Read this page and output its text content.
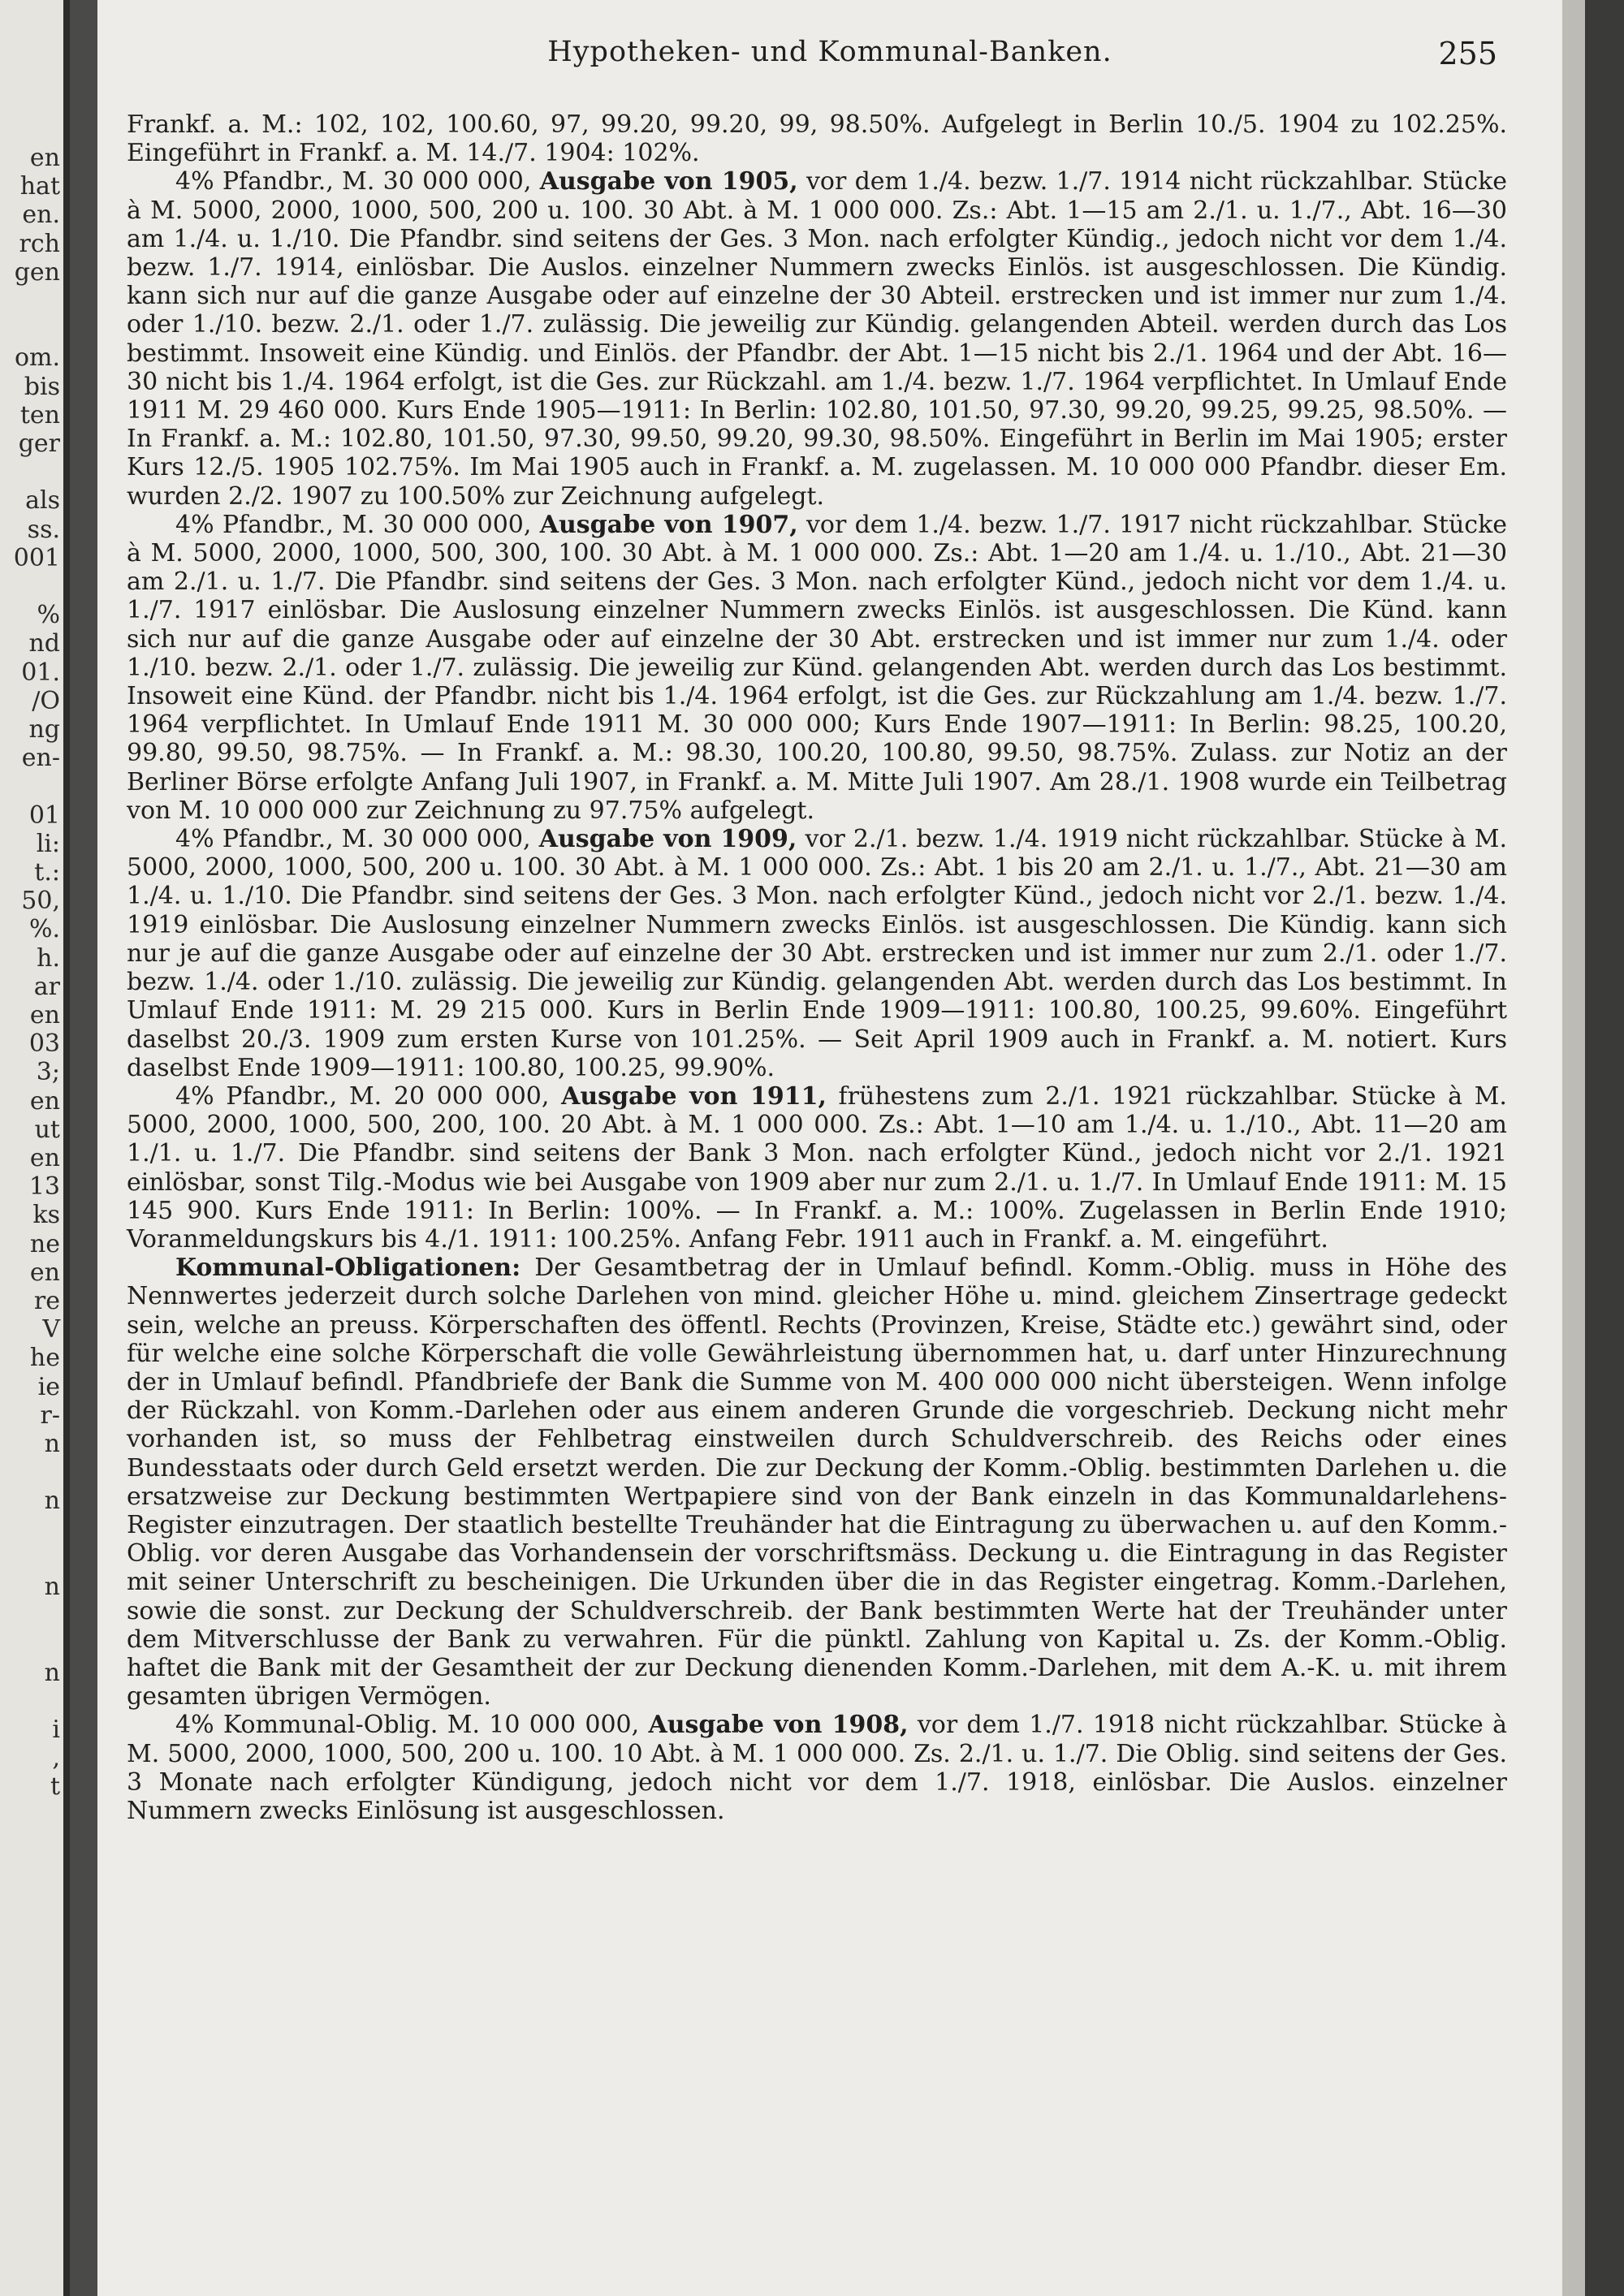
en
hat
en.
rch
gen
om.
bis
ten
ger
als
ss.
001
%
nd
01.
/O
ng
en-
01
li:
t.:
50,
%.
h.
ar
en
03
3;
en
ut
en
13
ks
ne
en
re
V
he
ie
r-
n
n
n
n
i
,
t
Hypotheken- und Kommunal-Banken.	255

Frankf. a. M.: 102, 102, 100.60, 97, 99.20, 99.20, 99, 98.50%. Aufgelegt in Berlin 10./5. 1904 zu 102.25%. Eingeführt in Frankf. a. M. 14./7. 1904: 102%.

4% Pfandbr., M. 30 000 000, Ausgabe von 1905, vor dem 1./4. bezw. 1./7. 1914 nicht rückzahlbar. Stücke à M. 5000, 2000, 1000, 500, 200 u. 100. 30 Abt. à M. 1 000 000. Zs.: Abt. 1—15 am 2./1. u. 1./7., Abt. 16—30 am 1./4. u. 1./10. Die Pfandbr. sind seitens der Ges. 3 Mon. nach erfolgter Kündig., jedoch nicht vor dem 1./4. bezw. 1./7. 1914, einlösbar. Die Auslos. einzelner Nummern zwecks Einlös. ist ausgeschlossen. Die Kündig. kann sich nur auf die ganze Ausgabe oder auf einzelne der 30 Abteil. erstrecken und ist immer nur zum 1./4. oder 1./10. bezw. 2./1. oder 1./7. zulässig. Die jeweilig zur Kündig. gelangenden Abteil. werden durch das Los bestimmt. Insoweit eine Kündig. und Einlös. der Pfandbr. der Abt. 1—15 nicht bis 2./1. 1964 und der Abt. 16—30 nicht bis 1./4. 1964 erfolgt, ist die Ges. zur Rückzahl. am 1./4. bezw. 1./7. 1964 verpflichtet. In Umlauf Ende 1911 M. 29 460 000. Kurs Ende 1905—1911: In Berlin: 102.80, 101.50, 97.30, 99.20, 99.25, 99.25, 98.50%. — In Frankf. a. M.: 102.80, 101.50, 97.30, 99.50, 99.20, 99.30, 98.50%. Eingeführt in Berlin im Mai 1905; erster Kurs 12./5. 1905 102.75%. Im Mai 1905 auch in Frankf. a. M. zugelassen. M. 10 000 000 Pfandbr. dieser Em. wurden 2./2. 1907 zu 100.50% zur Zeichnung aufgelegt.

4% Pfandbr., M. 30 000 000, Ausgabe von 1907, vor dem 1./4. bezw. 1./7. 1917 nicht rückzahlbar. Stücke à M. 5000, 2000, 1000, 500, 300, 100. 30 Abt. à M. 1 000 000. Zs.: Abt. 1—20 am 1./4. u. 1./10., Abt. 21—30 am 2./1. u. 1./7. Die Pfandbr. sind seitens der Ges. 3 Mon. nach erfolgter Künd., jedoch nicht vor dem 1./4. u. 1./7. 1917 einlösbar. Die Auslosung einzelner Nummern zwecks Einlös. ist ausgeschlossen. Die Künd. kann sich nur auf die ganze Ausgabe oder auf einzelne der 30 Abt. erstrecken und ist immer nur zum 1./4. oder 1./10. bezw. 2./1. oder 1./7. zulässig. Die jeweilig zur Künd. gelangenden Abt. werden durch das Los bestimmt. Insoweit eine Künd. der Pfandbr. nicht bis 1./4. 1964 erfolgt, ist die Ges. zur Rückzahlung am 1./4. bezw. 1./7. 1964 verpflichtet. In Umlauf Ende 1911 M. 30 000 000; Kurs Ende 1907—1911: In Berlin: 98.25, 100.20, 99.80, 99.50, 98.75%. — In Frankf. a. M.: 98.30, 100.20, 100.80, 99.50, 98.75%. Zulass. zur Notiz an der Berliner Börse erfolgte Anfang Juli 1907, in Frankf. a. M. Mitte Juli 1907. Am 28./1. 1908 wurde ein Teilbetrag von M. 10 000 000 zur Zeichnung zu 97.75% aufgelegt.

4% Pfandbr., M. 30 000 000, Ausgabe von 1909, vor 2./1. bezw. 1./4. 1919 nicht rückzahlbar. Stücke à M. 5000, 2000, 1000, 500, 200 u. 100. 30 Abt. à M. 1 000 000. Zs.: Abt. 1 bis 20 am 2./1. u. 1./7., Abt. 21—30 am 1./4. u. 1./10. Die Pfandbr. sind seitens der Ges. 3 Mon. nach erfolgter Künd., jedoch nicht vor 2./1. bezw. 1./4. 1919 einlösbar. Die Auslosung einzelner Nummern zwecks Einlös. ist ausgeschlossen. Die Kündig. kann sich nur je auf die ganze Ausgabe oder auf einzelne der 30 Abt. erstrecken und ist immer nur zum 2./1. oder 1./7. bezw. 1./4. oder 1./10. zulässig. Die jeweilig zur Kündig. gelangenden Abt. werden durch das Los bestimmt. In Umlauf Ende 1911: M. 29 215 000. Kurs in Berlin Ende 1909—1911: 100.80, 100.25, 99.60%. Eingeführt daselbst 20./3. 1909 zum ersten Kurse von 101.25%. — Seit April 1909 auch in Frankf. a. M. notiert. Kurs daselbst Ende 1909—1911: 100.80, 100.25, 99.90%.

4% Pfandbr., M. 20 000 000, Ausgabe von 1911, frühestens zum 2./1. 1921 rückzahlbar. Stücke à M. 5000, 2000, 1000, 500, 200, 100. 20 Abt. à M. 1 000 000. Zs.: Abt. 1—10 am 1./4. u. 1./10., Abt. 11—20 am 1./1. u. 1./7. Die Pfandbr. sind seitens der Bank 3 Mon. nach erfolgter Künd., jedoch nicht vor 2./1. 1921 einlösbar, sonst Tilg.-Modus wie bei Ausgabe von 1909 aber nur zum 2./1. u. 1./7. In Umlauf Ende 1911: M. 15 145 900. Kurs Ende 1911: In Berlin: 100%. — In Frankf. a. M.: 100%. Zugelassen in Berlin Ende 1910; Voranmeldungskurs bis 4./1. 1911: 100.25%. Anfang Febr. 1911 auch in Frankf. a. M. eingeführt.

Kommunal-Obligationen: Der Gesamtbetrag der in Umlauf befindl. Komm.-Oblig. muss in Höhe des Nennwertes jederzeit durch solche Darlehen von mind. gleicher Höhe u. mind. gleichem Zinsertrage gedeckt sein, welche an preuss. Körperschaften des öffentl. Rechts (Provinzen, Kreise, Städte etc.) gewährt sind, oder für welche eine solche Körperschaft die volle Gewährleistung übernommen hat, u. darf unter Hinzurechnung der in Umlauf befindl. Pfandbriefe der Bank die Summe von M. 400 000 000 nicht übersteigen. Wenn infolge der Rückzahl. von Komm.-Darlehen oder aus einem anderen Grunde die vorgeschrieb. Deckung nicht mehr vorhanden ist, so muss der Fehlbetrag einstweilen durch Schuldverschreib. des Reichs oder eines Bundesstaats oder durch Geld ersetzt werden. Die zur Deckung der Komm.-Oblig. bestimmten Darlehen u. die ersatzweise zur Deckung bestimmten Wertpapiere sind von der Bank einzeln in das Kommunaldarlehens-Register einzutragen. Der staatlich bestellte Treuhänder hat die Eintragung zu überwachen u. auf den Komm.-Oblig. vor deren Ausgabe das Vorhandensein der vorschriftsmäss. Deckung u. die Eintragung in das Register mit seiner Unterschrift zu bescheinigen. Die Urkunden über die in das Register eingetrag. Komm.-Darlehen, sowie die sonst. zur Deckung der Schuldverschreib. der Bank bestimmten Werte hat der Treuhänder unter dem Mitverschlusse der Bank zu verwahren. Für die pünktl. Zahlung von Kapital u. Zs. der Komm.-Oblig. haftet die Bank mit der Gesamtheit der zur Deckung dienenden Komm.-Darlehen, mit dem A.-K. u. mit ihrem gesamten übrigen Vermögen.

4% Kommunal-Oblig. M. 10 000 000, Ausgabe von 1908, vor dem 1./7. 1918 nicht rückzahlbar. Stücke à M. 5000, 2000, 1000, 500, 200 u. 100. 10 Abt. à M. 1 000 000. Zs. 2./1. u. 1./7. Die Oblig. sind seitens der Ges. 3 Monate nach erfolgter Kündigung, jedoch nicht vor dem 1./7. 1918, einlösbar. Die Auslos. einzelner Nummern zwecks Einlösung ist ausgeschlossen.
